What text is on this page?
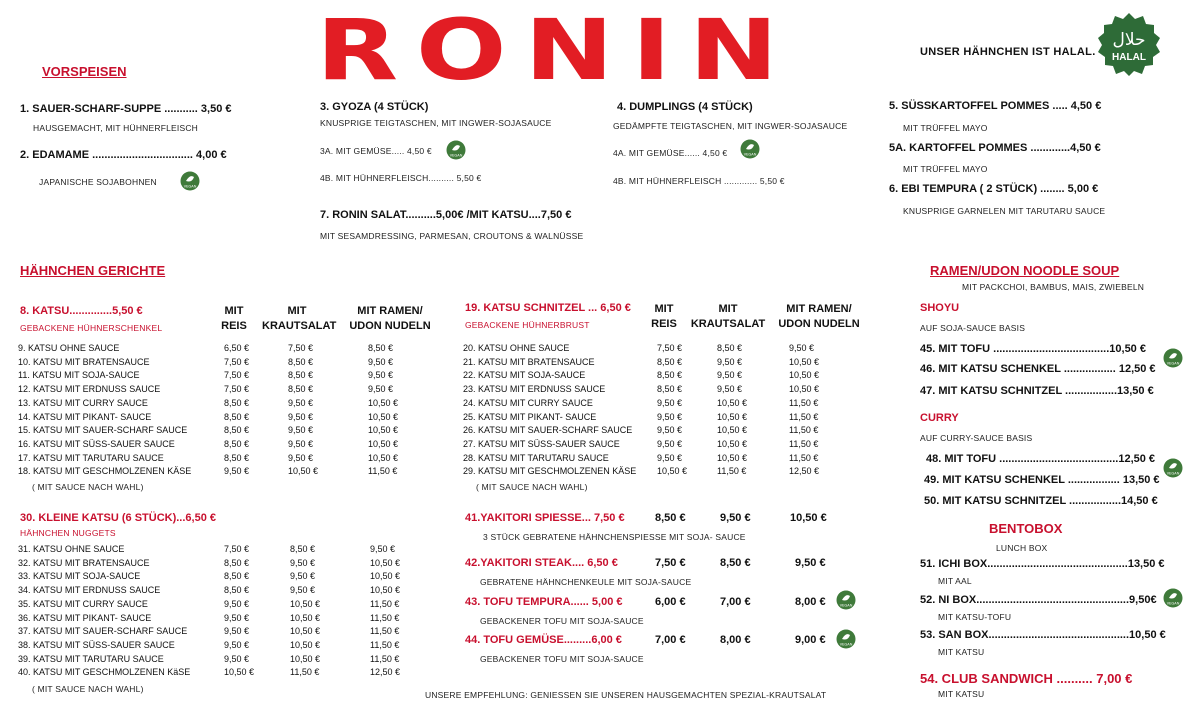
RONIN	UNSER HÄHNCHEN IST HALAL.
حلال
HALAL
VORSPEISEN
1. SAUER-SCHARF-SUPPE ........... 3,50 €
HAUSGEMACHT, MIT HÜHNERFLEISCH
2. EDAMAME ................................. 4,00 €
JAPANISCHE SOJABOHNEN	VEGAN
3. GYOZA (4 STÜCK)
KNUSPRIGE TEIGTASCHEN, MIT INGWER-SOJASAUCE
3A. MIT GEMÜSE..... 4,50 €	VEGAN
4B. MIT HÜHNERFLEISCH.......... 5,50 €
4. DUMPLINGS (4 STÜCK)
GEDÄMPFTE TEIGTASCHEN, MIT INGWER-SOJASAUCE
4A. MIT GEMÜSE...... 4,50 €	VEGAN
4B. MIT HÜHNERFLEISCH ............. 5,50 €
7. RONIN SALAT..........5,00€ /MIT KATSU....7,50 €
MIT SESAMDRESSING, PARMESAN, CROUTONS & WALNÜSSE
5. SÜSSKARTOFFEL POMMES ..... 4,50 €
MIT TRÜFFEL MAYO
5A. KARTOFFEL POMMES .............4,50 €
MIT TRÜFFEL MAYO
6. EBI TEMPURA ( 2 STÜCK) ........ 5,00 €
KNUSPRIGE GARNELEN MIT TARUTARU SAUCE
HÄHNCHEN GERICHTE
8. KATSU..............5,50 €
GEBACKENE HÜHNERSCHENKEL
MIT REIS
MIT KRAUTSALAT
MIT RAMEN/ UDON NUDELN
9. KATSU OHNE SAUCE	6,50 €	7,50 €	8,50 €
10. KATSU MIT BRATENSAUCE	7,50 €	8,50 €	9,50 €
11. KATSU MIT SOJA-SAUCE	7,50 €	8,50 €	9,50 €
12. KATSU MIT ERDNUSS SAUCE	7,50 €	8,50 €	9,50 €
13. KATSU MIT CURRY SAUCE	8,50 €	9,50 €	10,50 €
14. KATSU MIT PIKANT- SAUCE	8,50 €	9,50 €	10,50 €
15. KATSU MIT SAUER-SCHARF SAUCE	8,50 €	9,50 €	10,50 €
16. KATSU MIT SÜSS-SAUER SAUCE	8,50 €	9,50 €	10,50 €
17. KATSU MIT TARUTARU SAUCE	8,50 €	9,50 €	10,50 €
18. KATSU MIT GESCHMOLZENEN KÄSE	9,50 €	10,50 €	11,50 €
( MIT SAUCE NACH WAHL)
19. KATSU SCHNITZEL ... 6,50 €
GEBACKENE HÜHNERBRUST
MIT REIS
MIT KRAUTSALAT
MIT RAMEN/ UDON NUDELN
20. KATSU OHNE SAUCE	7,50 €	8,50 €	9,50 €
21. KATSU MIT BRATENSAUCE	8,50 €	9,50 €	10,50 €
22. KATSU MIT SOJA-SAUCE	8,50 €	9,50 €	10,50 €
23. KATSU MIT ERDNUSS SAUCE	8,50 €	9,50 €	10,50 €
24. KATSU MIT CURRY SAUCE	9,50 €	10,50 €	11,50 €
25. KATSU MIT PIKANT- SAUCE	9,50 €	10,50 €	11,50 €
26. KATSU MIT SAUER-SCHARF SAUCE	9,50 €	10,50 €	11,50 €
27. KATSU MIT SÜSS-SAUER SAUCE	9,50 €	10,50 €	11,50 €
28. KATSU MIT TARUTARU SAUCE	9,50 €	10,50 €	11,50 €
29. KATSU MIT GESCHMOLZENEN KÄSE 10,50 €	11,50 €	12,50 €
( MIT SAUCE NACH WAHL)
30. KLEINE KATSU (6 STÜCK)...6,50 €
HÄHNCHEN NUGGETS
31. KATSU OHNE SAUCE	7,50 €	8,50 €	9,50 €
32. KATSU MIT BRATENSAUCE	8,50 €	9,50 €	10,50 €
33. KATSU MIT SOJA-SAUCE	8,50 €	9,50 €	10,50 €
34. KATSU MIT ERDNUSS SAUCE	8,50 €	9,50 €	10,50 €
35. KATSU MIT CURRY SAUCE	9,50 €	10,50 €	11,50 €
36. KATSU MIT PIKANT- SAUCE	9,50 €	10,50 €	11,50 €
37. KATSU MIT SAUER-SCHARF SAUCE	9,50 €	10,50 €	11,50 €
38. KATSU MIT SÜSS-SAUER SAUCE	9,50 €	10,50 €	11,50 €
39. KATSU MIT TARUTARU SAUCE	9,50 €	10,50 €	11,50 €
40. KATSU MIT GESCHMOLZENEN KäSE	10,50 €	11,50 €	12,50 €
( MIT SAUCE NACH WAHL)
41.YAKITORI SPIESSE... 7,50 €
3 STÜCK GEBRATENE HÄHNCHENSPIESSE MIT SOJA- SAUCE
8,50 €	9,50 €	10,50 €
42.YAKITORI STEAK.... 6,50 €
GEBRATENE HÄHNCHENKEULE MIT SOJA-SAUCE
7,50 €	8,50 €	9,50 €
43. TOFU TEMPURA...... 5,00 €
GEBACKENER TOFU MIT SOJA-SAUCE
6,00 €	7,00 €	8,00 €	VEGAN
44. TOFU GEMÜSE.........6,00 €
GEBACKENER TOFU MIT SOJA-SAUCE
7,00 €	8,00 €	9,00 €	VEGAN
UNSERE EMPFEHLUNG: GENIESSEN SIE UNSEREN HAUSGEMACHTEN SPEZIAL-KRAUTSALAT
RAMEN/UDON NOODLE SOUP
MIT PACKCHOI, BAMBUS, MAIS, ZWIEBELN
SHOYU
AUF SOJA-SAUCE BASIS
45. MIT TOFU ......................................10,50 €
VEGAN
46. MIT KATSU SCHENKEL ................. 12,50 €
47. MIT KATSU SCHNITZEL .................13,50 €
CURRY
AUF CURRY-SAUCE BASIS
48. MIT TOFU .......................................12,50 €
VEGAN
49. MIT KATSU SCHENKEL ................. 13,50 €
50. MIT KATSU SCHNITZEL .................14,50 €
BENTOBOX
LUNCH BOX
51. ICHI BOX..............................................13,50 €
MIT AAL
52. NI BOX..................................................9,50€	VEGAN
MIT KATSU-TOFU
53. SAN BOX..............................................10,50 €
MIT KATSU
54. CLUB SANDWICH .......... 7,00 €
MIT KATSU
